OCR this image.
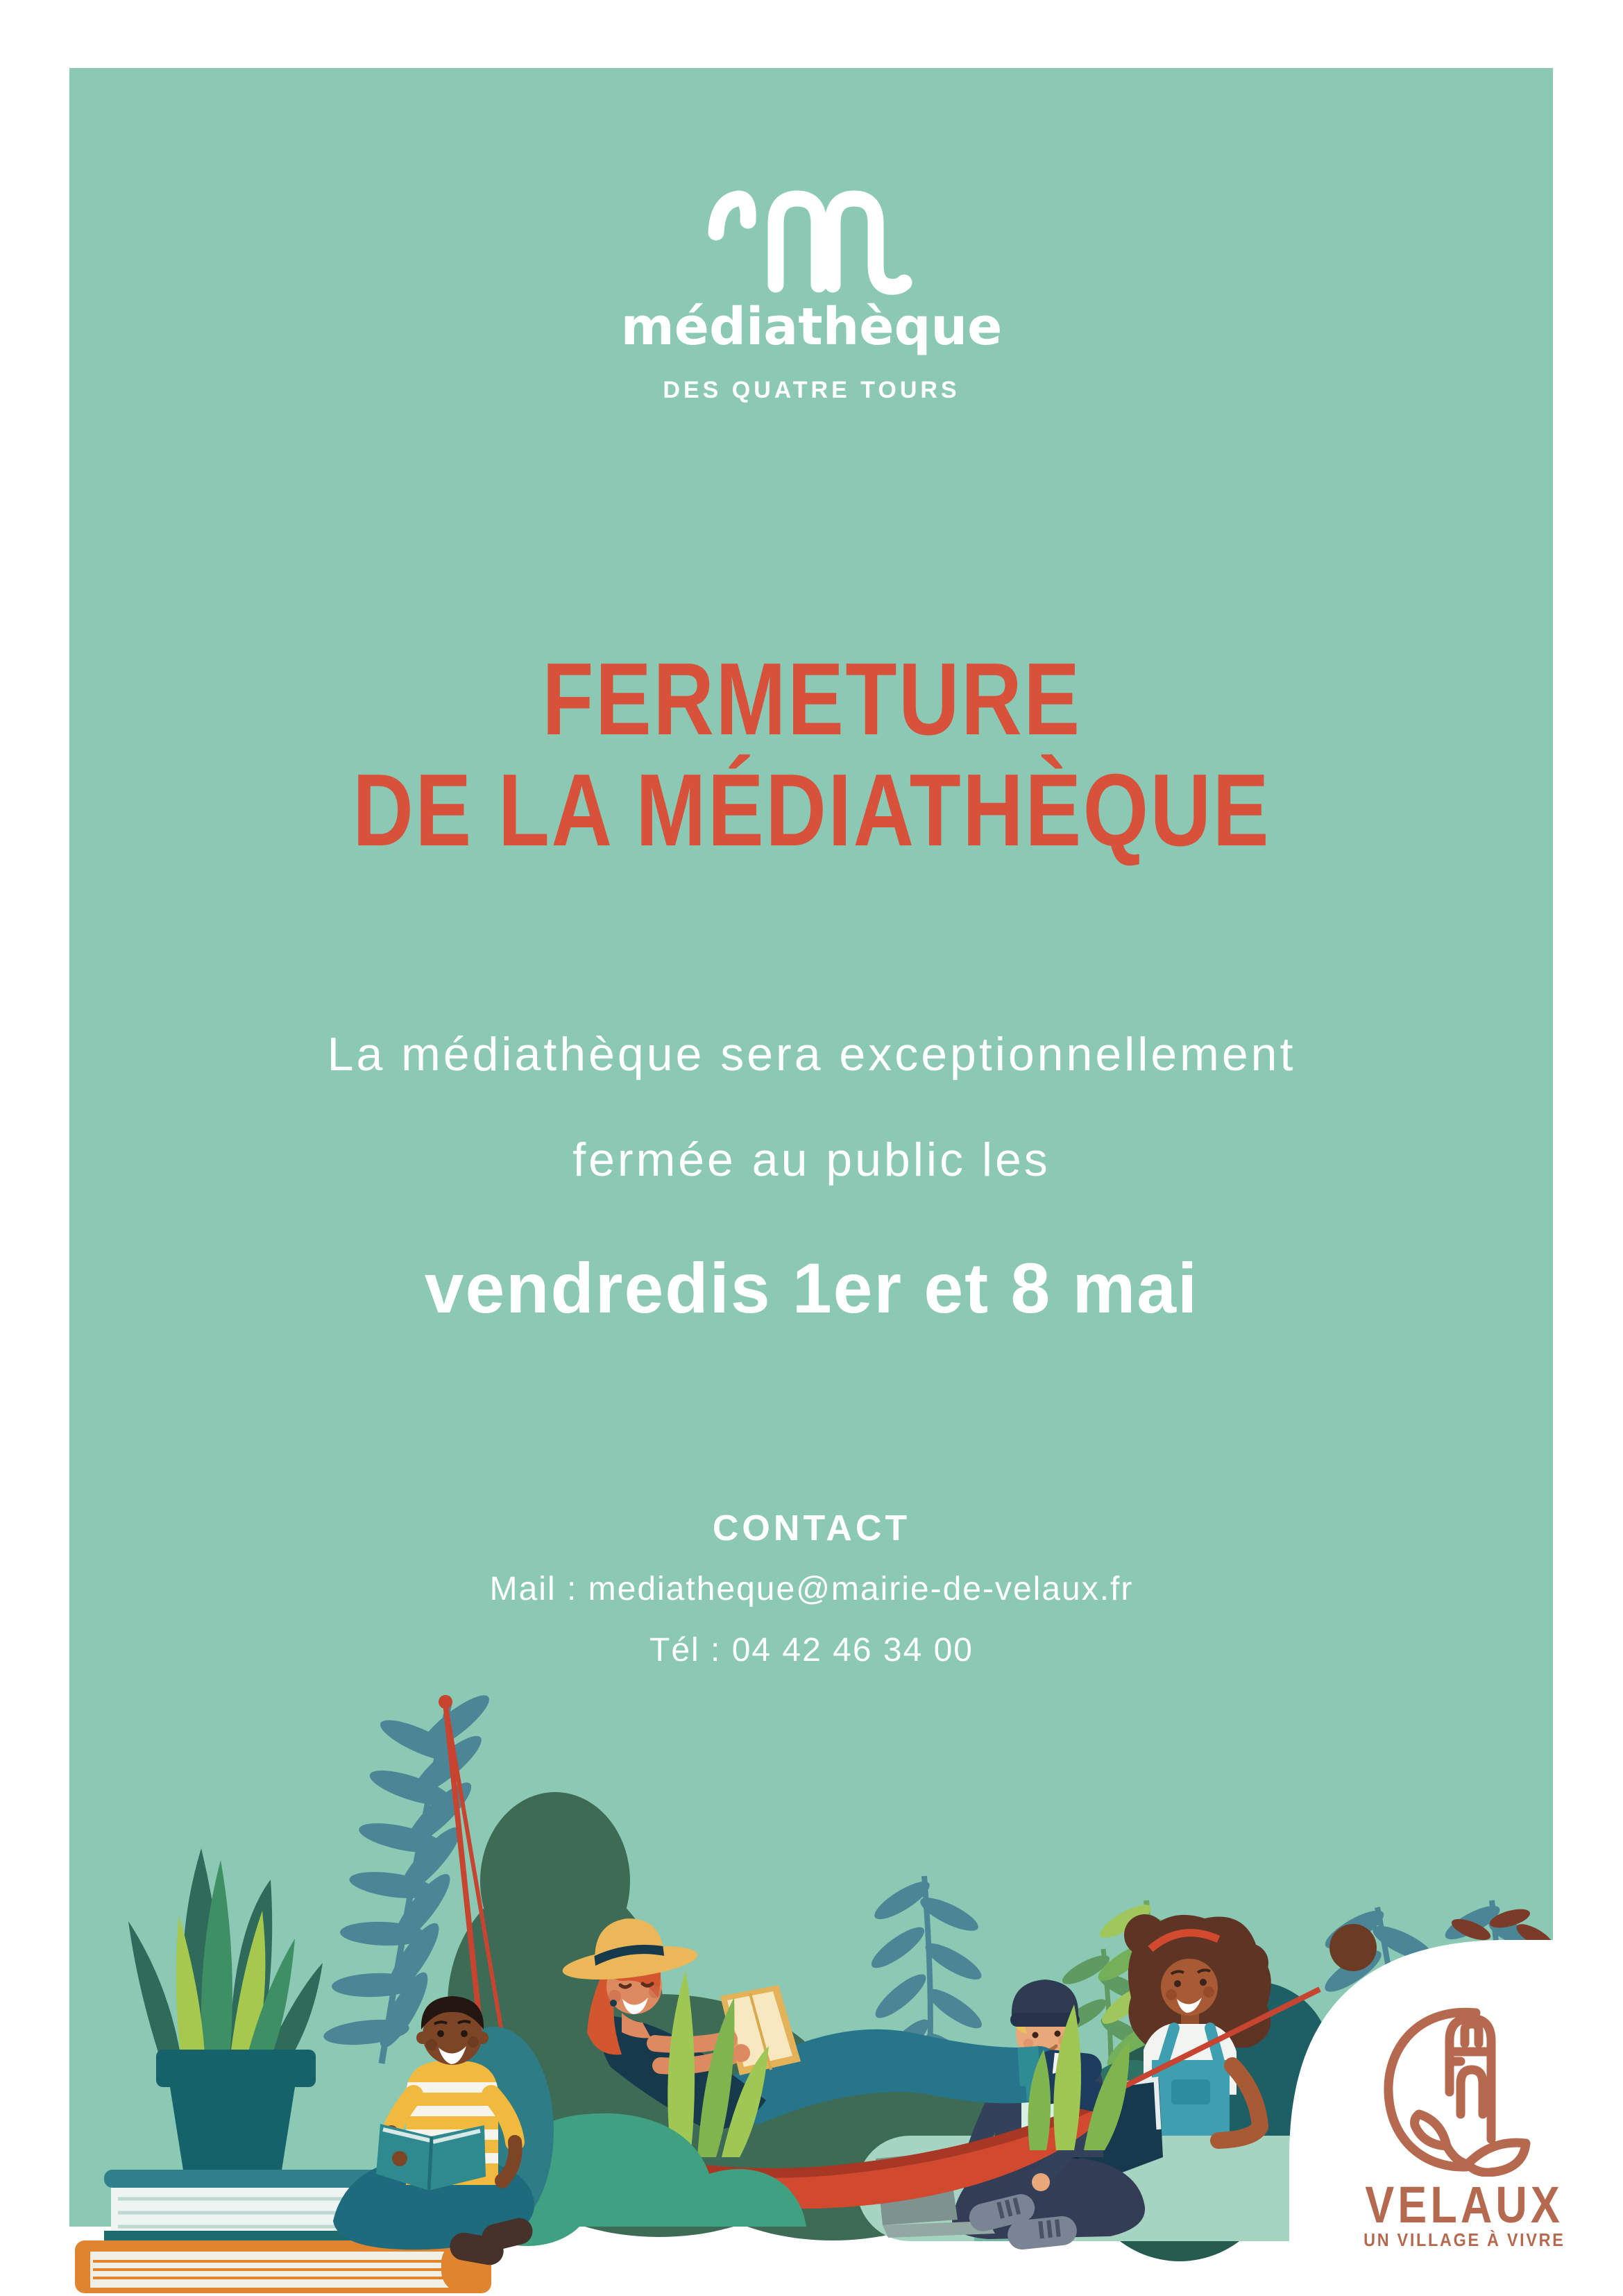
médiathèque
DES QUATRE TOURS
FERMETURE
DE LA MÉDIATHÈQUE
La médiathèque sera exceptionnellement
fermée au public les
vendredis 1er et 8 mai
CONTACT
Mail : mediatheque@mairie-de-velaux.fr
Tél : 04 42 46 34 00
VELAUX
UN VILLAGE À VIVRE
